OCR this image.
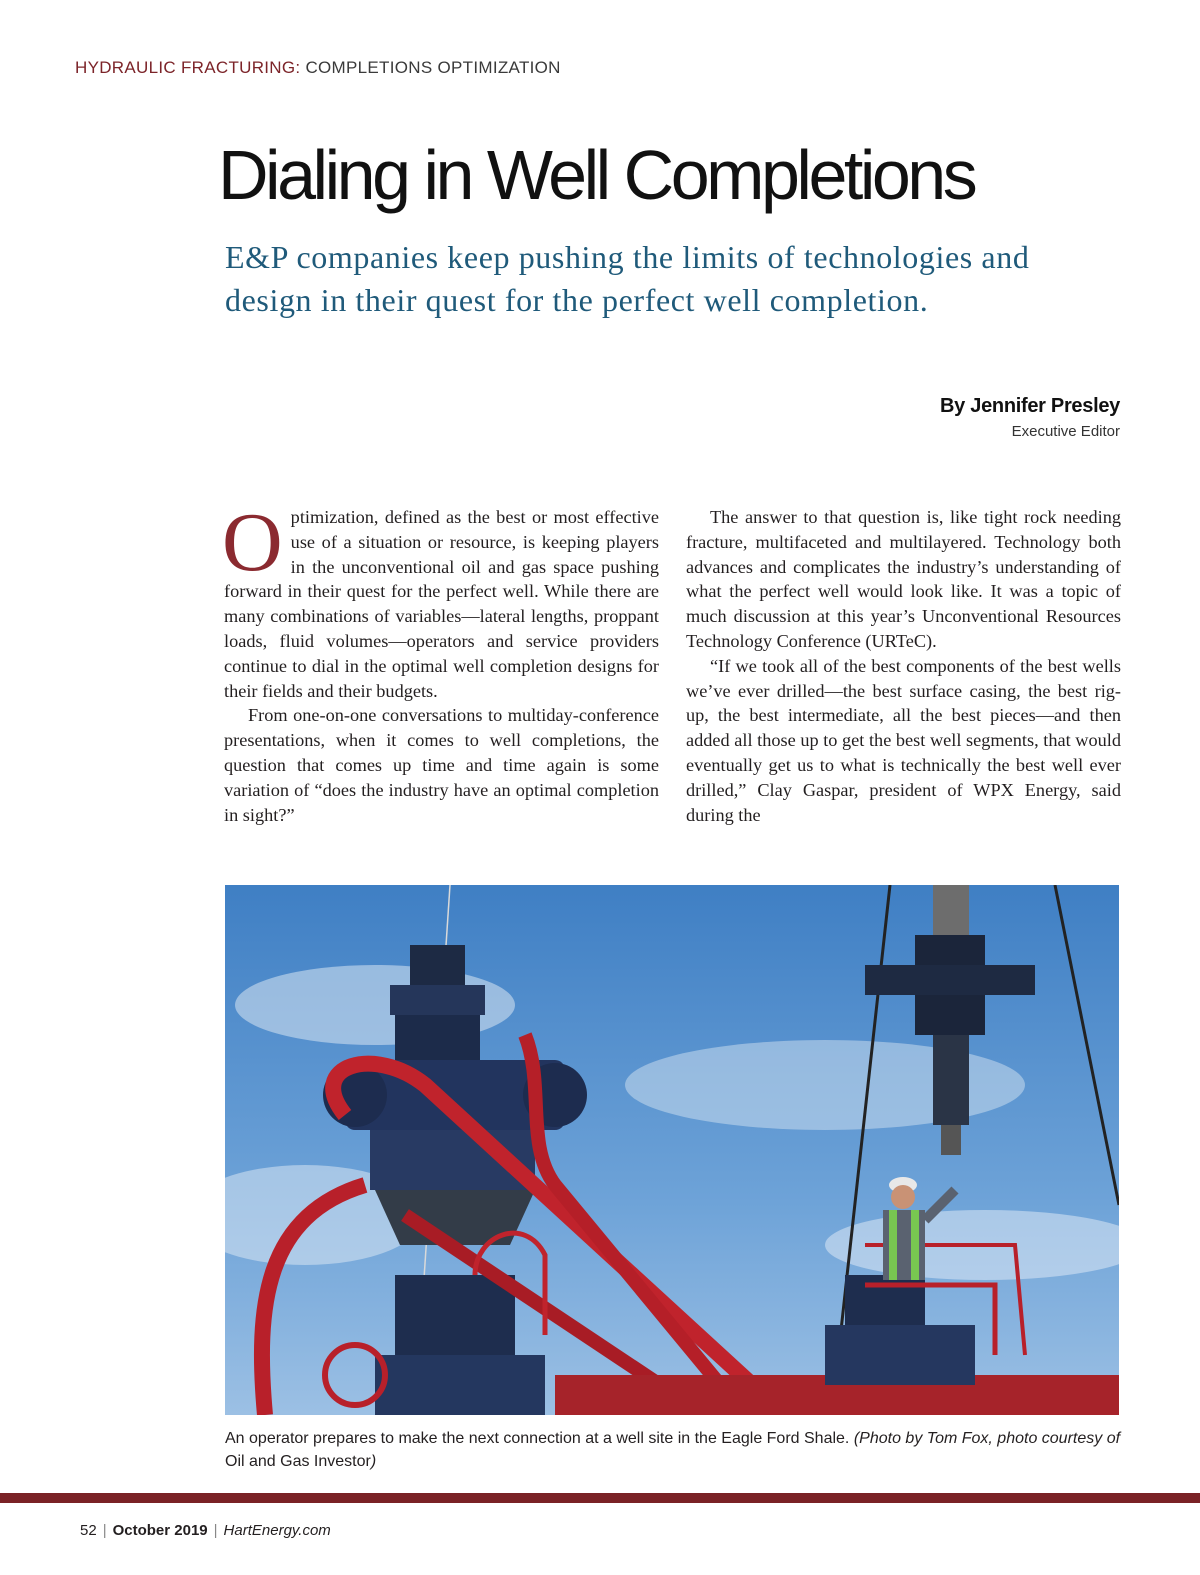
HYDRAULIC FRACTURING: COMPLETIONS OPTIMIZATION
Dialing in Well Completions
E&P companies keep pushing the limits of technologies and design in their quest for the perfect well completion.
By Jennifer Presley
Executive Editor

Optimization, defined as the best or most effective use of a situation or resource, is keeping players in the unconventional oil and gas space pushing forward in their quest for the perfect well. While there are many combinations of variables—lateral lengths, proppant loads, fluid volumes—operators and service providers continue to dial in the optimal well completion designs for their fields and their budgets.

From one-on-one conversations to multiday-conference presentations, when it comes to well completions, the question that comes up time and time again is some variation of “does the industry have an optimal completion in sight?”

The answer to that question is, like tight rock needing fracture, multifaceted and multilayered. Technology both advances and complicates the industry’s understanding of what the perfect well would look like. It was a topic of much discussion at this year’s Unconventional Resources Technology Conference (URTeC).

“If we took all of the best components of the best wells we’ve ever drilled—the best surface casing, the best rig-up, the best intermediate, all the best pieces—and then added all those up to get the best well segments, that would eventually get us to what is technically the best well ever drilled,” Clay Gaspar, president of WPX Energy, said during the

An operator prepares to make the next connection at a well site in the Eagle Ford Shale. (Photo by Tom Fox, photo courtesy of Oil and Gas Investor)
52 | October 2019 | HartEnergy.com
